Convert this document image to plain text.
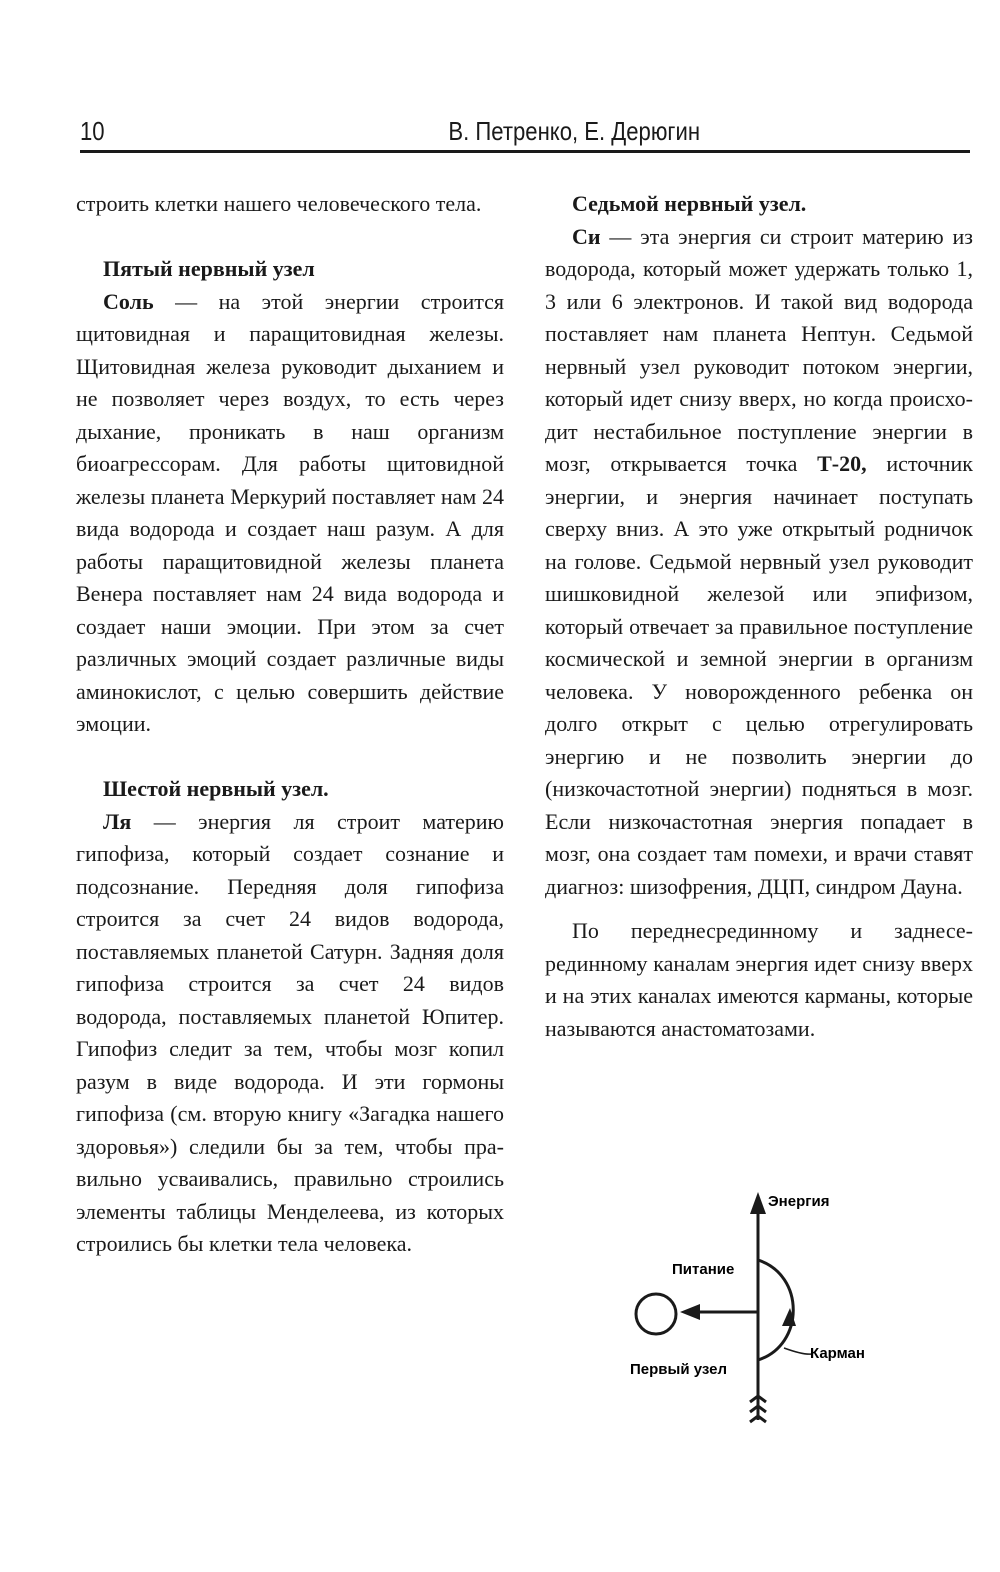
10	В. Петренко, Е. Дерюгин

строить клетки нашего человеческого тела.

Пятый нервный узел

Соль — на этой энергии строится щитовидная и паращитовидная железы. Щитовидная железа руководит дыханием и не позволяет через воздух, то есть через дыхание, проникать в наш организм биоагрессорам. Для работы щитовидной железы планета Меркурий поставляет нам 24 вида водорода и создает наш разум. А для работы паращитовидной железы планета Венера поставляет нам 24 вида водорода и создает наши эмоции. При этом за счет различных эмоций создает различные виды аминокислот, с целью совершить действие эмоции.

Шестой нервный узел.

Ля — энергия ля строит материю гипофиза, который создает сознание и подсознание. Передняя доля гипофиза строится за счет 24 видов водорода, поставляемых планетой Сатурн. Задняя доля гипофиза строится за счет 24 видов водорода, поставляемых планетой Юпитер. Гипофиз следит за тем, чтобы мозг копил разум в виде водорода. И эти гормоны гипофиза (см. вторую книгу «Загадка нашего здоровья») следили бы за тем, чтобы правильно усваивались, правильно строились элементы таблицы Менделеева, из которых строились бы клетки тела человека.

Седьмой нервный узел.

Си — эта энергия си строит материю из водорода, который может удержать только 1, 3 или 6 электронов. И такой вид водорода поставляет нам планета Нептун. Седьмой нервный узел руководит потоком энергии, который идет снизу вверх, но когда происходит нестабильное поступление энергии в мозг, открывается точка Т-20, источник энергии, и энергия начинает поступать сверху вниз. А это уже открытый родничок на голове. Седьмой нервный узел руководит шишковидной железой или эпифизом, который отвечает за правильное поступление космической и земной энергии в организм человека. У новорожденного ребенка он долго открыт с целью отрегулировать энергию и не позволить энергии до (низкочастотной энергии) подняться в мозг. Если низкочастотная энергия попадает в мозг, она создает там помехи, и врачи ставят диагноз: шизофрения, ДЦП, синдром Дауна.

По переднесрединному и заднесерединному каналам энергия идет снизу вверх и на этих каналах имеются карманы, которые называются анастоматозами.

Энергия
Питание
Карман
Первый узел
